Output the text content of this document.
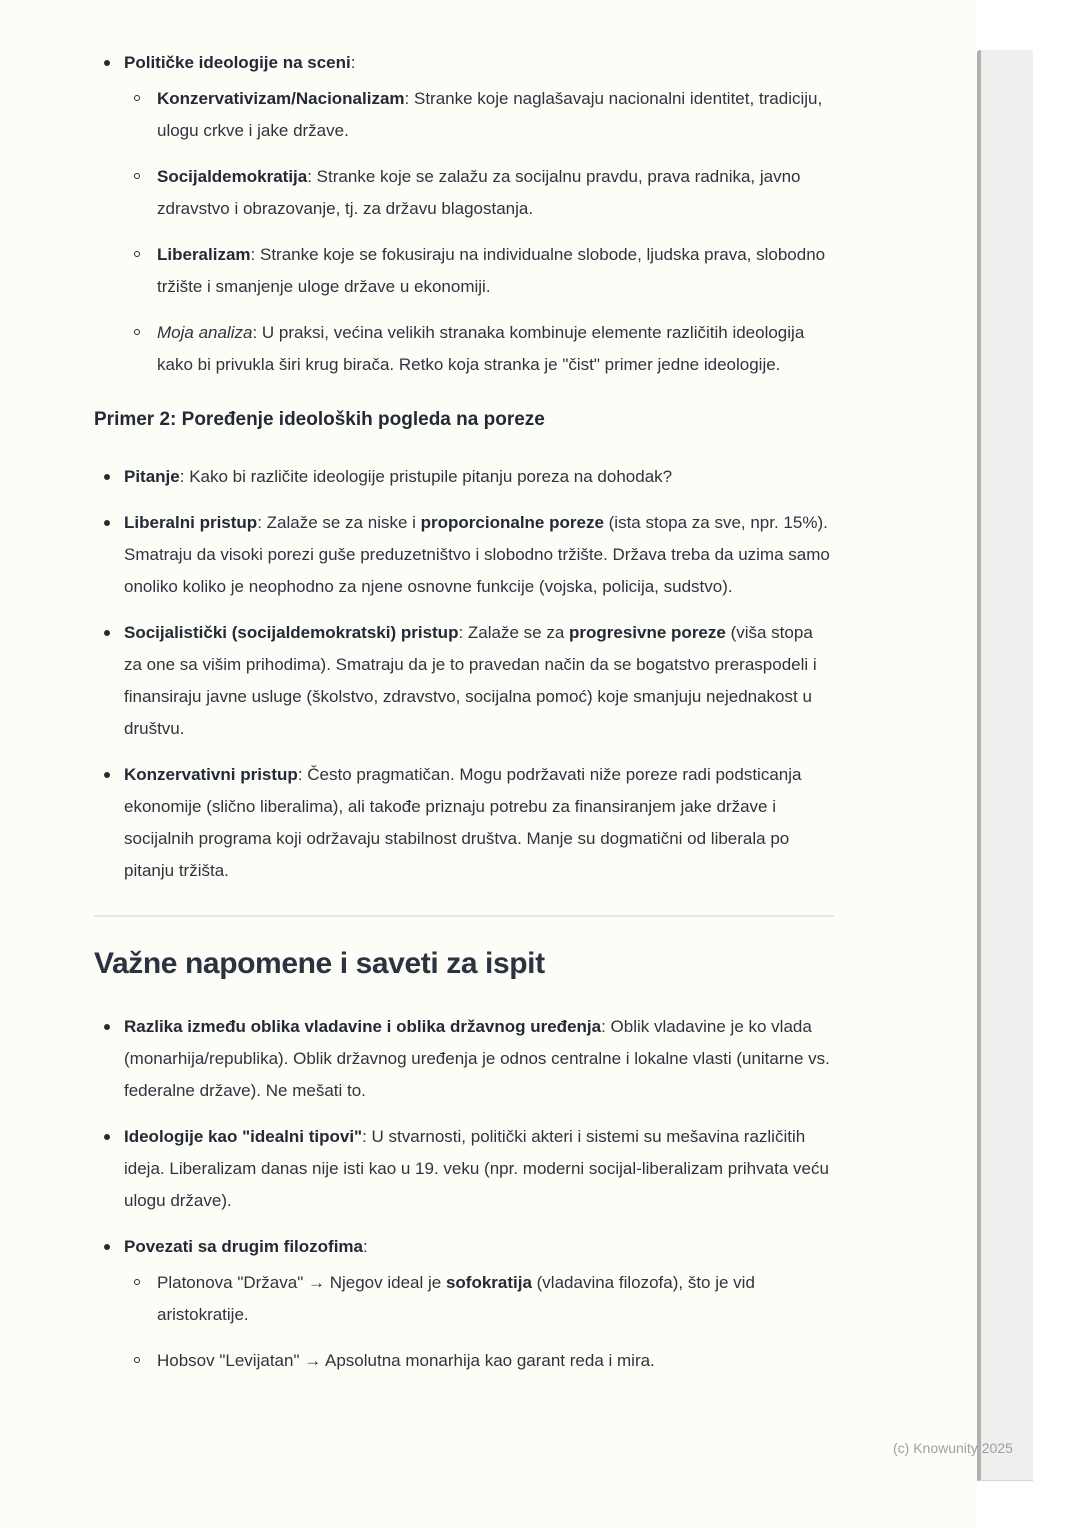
Političke ideologije na sceni:
Konzervativizam/Nacionalizam: Stranke koje naglašavaju nacionalni identitet, tradiciju, ulogu crkve i jake države.
Socijaldemokratija: Stranke koje se zalažu za socijalnu pravdu, prava radnika, javno zdravstvo i obrazovanje, tj. za državu blagostanja.
Liberalizam: Stranke koje se fokusiraju na individualne slobode, ljudska prava, slobodno tržište i smanjenje uloge države u ekonomiji.
Moja analiza: U praksi, većina velikih stranaka kombinuje elemente različitih ideologija kako bi privukla širi krug birača. Retko koja stranka je "čist" primer jedne ideologije.
Primer 2: Poređenje ideoloških pogleda na poreze
Pitanje: Kako bi različite ideologije pristupile pitanju poreza na dohodak?
Liberalni pristup: Zalaže se za niske i proporcionalne poreze (ista stopa za sve, npr. 15%). Smatraju da visoki porezi guše preduzetništvo i slobodno tržište. Država treba da uzima samo onoliko koliko je neophodno za njene osnovne funkcije (vojska, policija, sudstvo).
Socijalistički (socijaldemokratski) pristup: Zalaže se za progresivne poreze (viša stopa za one sa višim prihodima). Smatraju da je to pravedan način da se bogatstvo preraspodeli i finansiraju javne usluge (školstvo, zdravstvo, socijalna pomoć) koje smanjuju nejednakost u društvu.
Konzervativni pristup: Često pragmatičan. Mogu podržavati niže poreze radi podsticanja ekonomije (slično liberalima), ali takođe priznaju potrebu za finansiranjem jake države i socijalnih programa koji održavaju stabilnost društva. Manje su dogmatični od liberala po pitanju tržišta.
Važne napomene i saveti za ispit
Razlika između oblika vladavine i oblika državnog uređenja: Oblik vladavine je ko vlada (monarhija/republika). Oblik državnog uređenja je odnos centralne i lokalne vlasti (unitarne vs. federalne države). Ne mešati to.
Ideologije kao "idealni tipovi": U stvarnosti, politički akteri i sistemi su mešavina različitih ideja. Liberalizam danas nije isti kao u 19. veku (npr. moderni socijal-liberalizam prihvata veću ulogu države).
Povezati sa drugim filozofima:
Platonova "Država" → Njegov ideal je sofokratija (vladavina filozofa), što je vid aristokratije.
Hobsov "Levijatan" → Apsolutna monarhija kao garant reda i mira.
(c) Knowunity 2025
